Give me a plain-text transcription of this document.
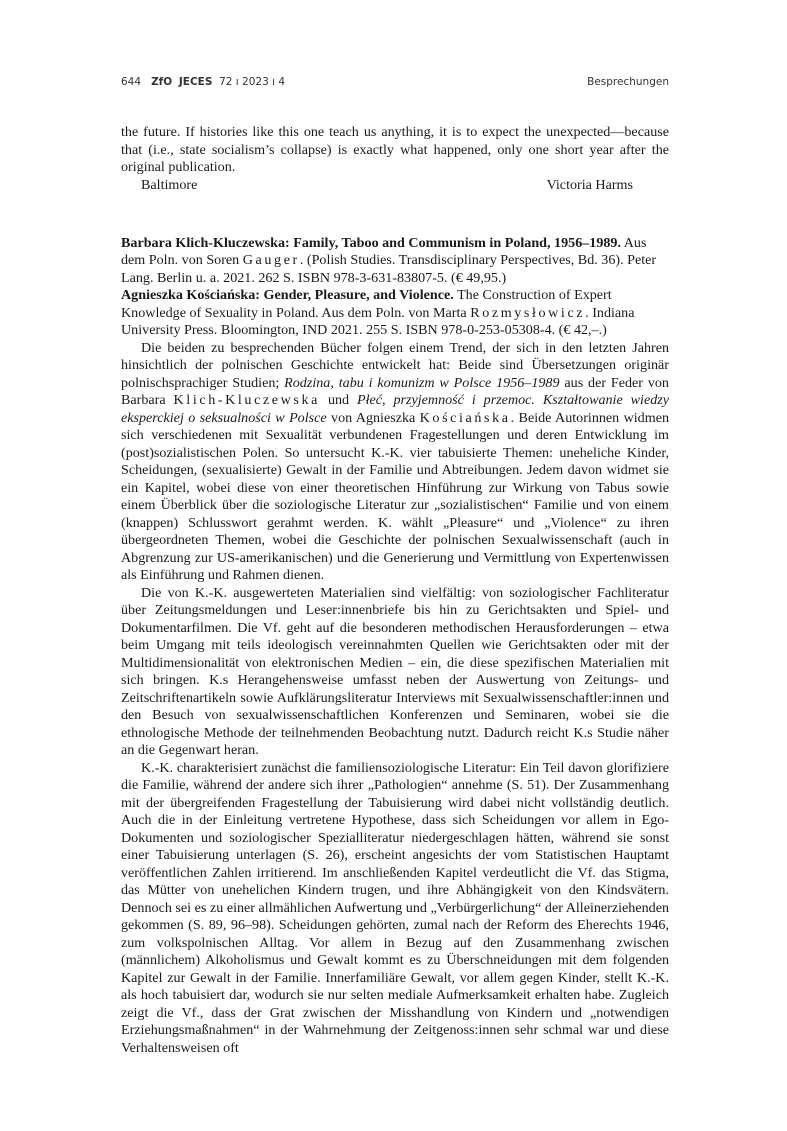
644 ZfO JECES 72 ı 2023 ı 4	Besprechungen

the future. If histories like this one teach us anything, it is to expect the unexpected—because that (i.e., state socialism’s collapse) is exactly what happened, only one short year after the original publication.

Baltimore	Victoria Harms

Barbara Klich-Kluczewska: Family, Taboo and Communism in Poland, 1956–1989. Aus dem Poln. von Soren Gauger. (Polish Studies. Transdisciplinary Perspectives, Bd. 36). Peter Lang. Berlin u. a. 2021. 262 S. ISBN 978-3-631-83807-5. (€ 49,95.)

Agnieszka Kościańska: Gender, Pleasure, and Violence. The Construction of Expert Knowledge of Sexuality in Poland. Aus dem Poln. von Marta Rozmysłowicz. Indiana University Press. Bloomington, IND 2021. 255 S. ISBN 978-0-253-05308-4. (€ 42,–.)

Die beiden zu besprechenden Bücher folgen einem Trend, der sich in den letzten Jahren hinsichtlich der polnischen Geschichte entwickelt hat: Beide sind Übersetzungen originär polnischsprachiger Studien; Rodzina, tabu i komunizm w Polsce 1956–1989 aus der Feder von Barbara Klich-Kluczewska und Płeć, przyjemność i przemoc. Kształtowanie wiedzy eksperckiej o seksualności w Polsce von Agnieszka Kościańska. Beide Autorinnen widmen sich verschiedenen mit Sexualität verbundenen Fragestellungen und deren Entwicklung im (post)sozialistischen Polen. So untersucht K.-K. vier tabuisierte Themen: uneheliche Kinder, Scheidungen, (sexualisierte) Gewalt in der Familie und Abtreibungen. Jedem davon widmet sie ein Kapitel, wobei diese von einer theoretischen Hinführung zur Wirkung von Tabus sowie einem Überblick über die soziologische Literatur zur „sozialistischen“ Familie und von einem (knappen) Schlusswort gerahmt werden. K. wählt „Pleasure“ und „Violence“ zu ihren übergeordneten Themen, wobei die Geschichte der polnischen Sexualwissenschaft (auch in Abgrenzung zur US-amerikanischen) und die Generierung und Vermittlung von Expertenwissen als Einführung und Rahmen dienen.

Die von K.-K. ausgewerteten Materialien sind vielfältig: von soziologischer Fachliteratur über Zeitungsmeldungen und Leser:innenbriefe bis hin zu Gerichtsakten und Spiel- und Dokumentarfilmen. Die Vf. geht auf die besonderen methodischen Herausforderungen – etwa beim Umgang mit teils ideologisch vereinnahmten Quellen wie Gerichtsakten oder mit der Multidimensionalität von elektronischen Medien – ein, die diese spezifischen Materialien mit sich bringen. K.s Herangehensweise umfasst neben der Auswertung von Zeitungs- und Zeitschriftenartikeln sowie Aufklärungsliteratur Interviews mit Sexualwissenschaftler:innen und den Besuch von sexualwissenschaftlichen Konferenzen und Seminaren, wobei sie die ethnologische Methode der teilnehmenden Beobachtung nutzt. Dadurch reicht K.s Studie näher an die Gegenwart heran.

K.-K. charakterisiert zunächst die familiensoziologische Literatur: Ein Teil davon glorifiziere die Familie, während der andere sich ihrer „Pathologien“ annehme (S. 51). Der Zusammenhang mit der übergreifenden Fragestellung der Tabuisierung wird dabei nicht vollständig deutlich. Auch die in der Einleitung vertretene Hypothese, dass sich Scheidungen vor allem in Ego-Dokumenten und soziologischer Spezialliteratur niedergeschlagen hätten, während sie sonst einer Tabuisierung unterlagen (S. 26), erscheint angesichts der vom Statistischen Hauptamt veröffentlichen Zahlen irritierend. Im anschließenden Kapitel verdeutlicht die Vf. das Stigma, das Mütter von unehelichen Kindern trugen, und ihre Abhängigkeit von den Kindsvätern. Dennoch sei es zu einer allmählichen Aufwertung und „Verbürgerlichung“ der Alleinerziehenden gekommen (S. 89, 96–98). Scheidungen gehörten, zumal nach der Reform des Eherechts 1946, zum volkspolnischen Alltag. Vor allem in Bezug auf den Zusammenhang zwischen (männlichem) Alkoholismus und Gewalt kommt es zu Überschneidungen mit dem folgenden Kapitel zur Gewalt in der Familie. Innerfamiliäre Gewalt, vor allem gegen Kinder, stellt K.-K. als hoch tabuisiert dar, wodurch sie nur selten mediale Aufmerksamkeit erhalten habe. Zugleich zeigt die Vf., dass der Grat zwischen der Misshandlung von Kindern und „notwendigen Erziehungsmaßnahmen“ in der Wahrnehmung der Zeitgenoss:innen sehr schmal war und diese Verhaltensweisen oft
